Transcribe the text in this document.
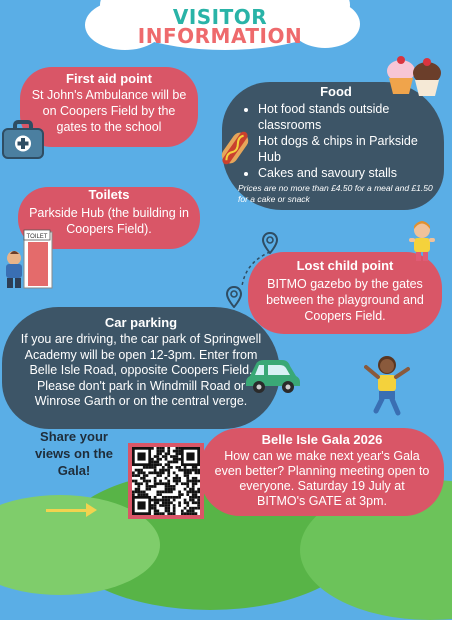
VISITOR
INFORMATION
First aid point
St John's Ambulance will be on Coopers Field by the gates to the school
Food
• Hot food stands outside classrooms
• Hot dogs & chips in Parkside Hub
• Cakes and savoury stalls
Prices are no more than £4.50 for a meal and £1.50 for a cake or snack
Toilets
Parkside Hub (the building in Coopers Field).
TOILET
Lost child point
BITMO gazebo by the gates between the playground and Coopers Field.
Car parking
If you are driving, the car park of Springwell Academy will be open 12-3pm. Enter from Belle Isle Road, opposite Coopers Field. Please don't park in Windmill Road or Winrose Garth or on the central verge.
Share your views on the Gala!
Belle Isle Gala 2026
How can we make next year's Gala even better? Planning meeting open to everyone. Saturday 19 July at BITMO's GATE at 3pm.
